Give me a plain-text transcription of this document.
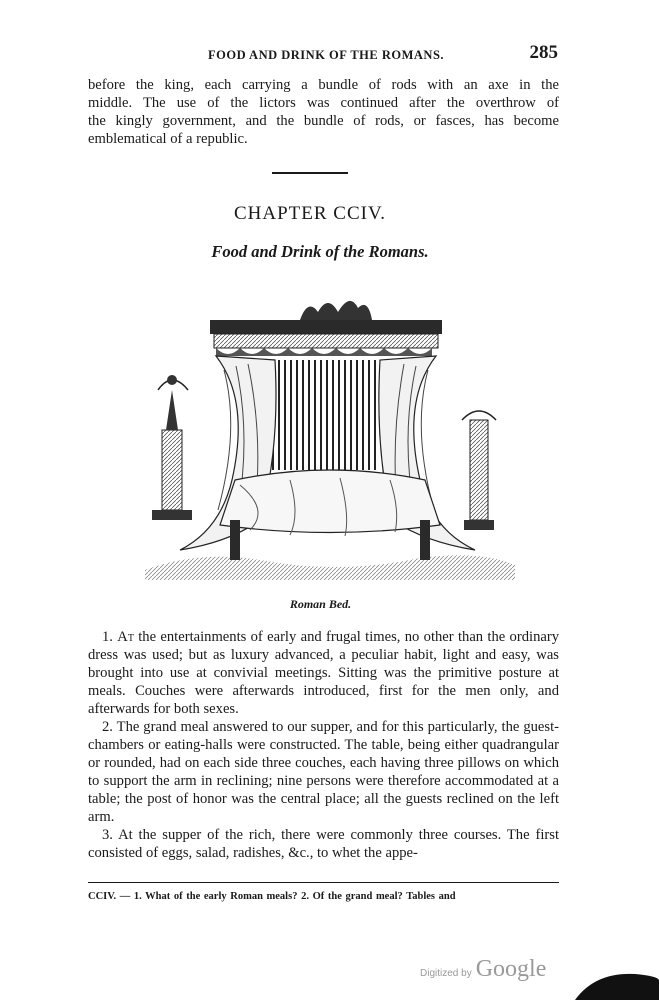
FOOD AND DRINK OF THE ROMANS.	285
before the king, each carrying a bundle of rods with an axe in the
middle. The use of the lictors was continued after the overthrow of
the kingly government, and the bundle of rods, or fasces, has become
emblematical of a republic.
CHAPTER CCIV.
Food and Drink of the Romans.
Roman Bed.

1. At the entertainments of early and frugal times, no other than the ordinary dress was used; but as luxury advanced, a peculiar habit, light and easy, was brought into use at convivial meetings. Sitting was the primitive posture at meals. Couches were afterwards introduced, first for the men only, and afterwards for both sexes.

2. The grand meal answered to our supper, and for this particularly, the guest-chambers or eating-halls were constructed. The table, being either quadrangular or rounded, had on each side three couches, each having three pillows on which to support the arm in reclining; nine persons were therefore accommodated at a table; the post of honor was the central place; all the guests reclined on the left arm.

3. At the supper of the rich, there were commonly three courses. The first consisted of eggs, salad, radishes, &c., to whet the appe-

CCIV. — 1. What of the early Roman meals? 2. Of the grand meal? Tables and
Digitized by Google
